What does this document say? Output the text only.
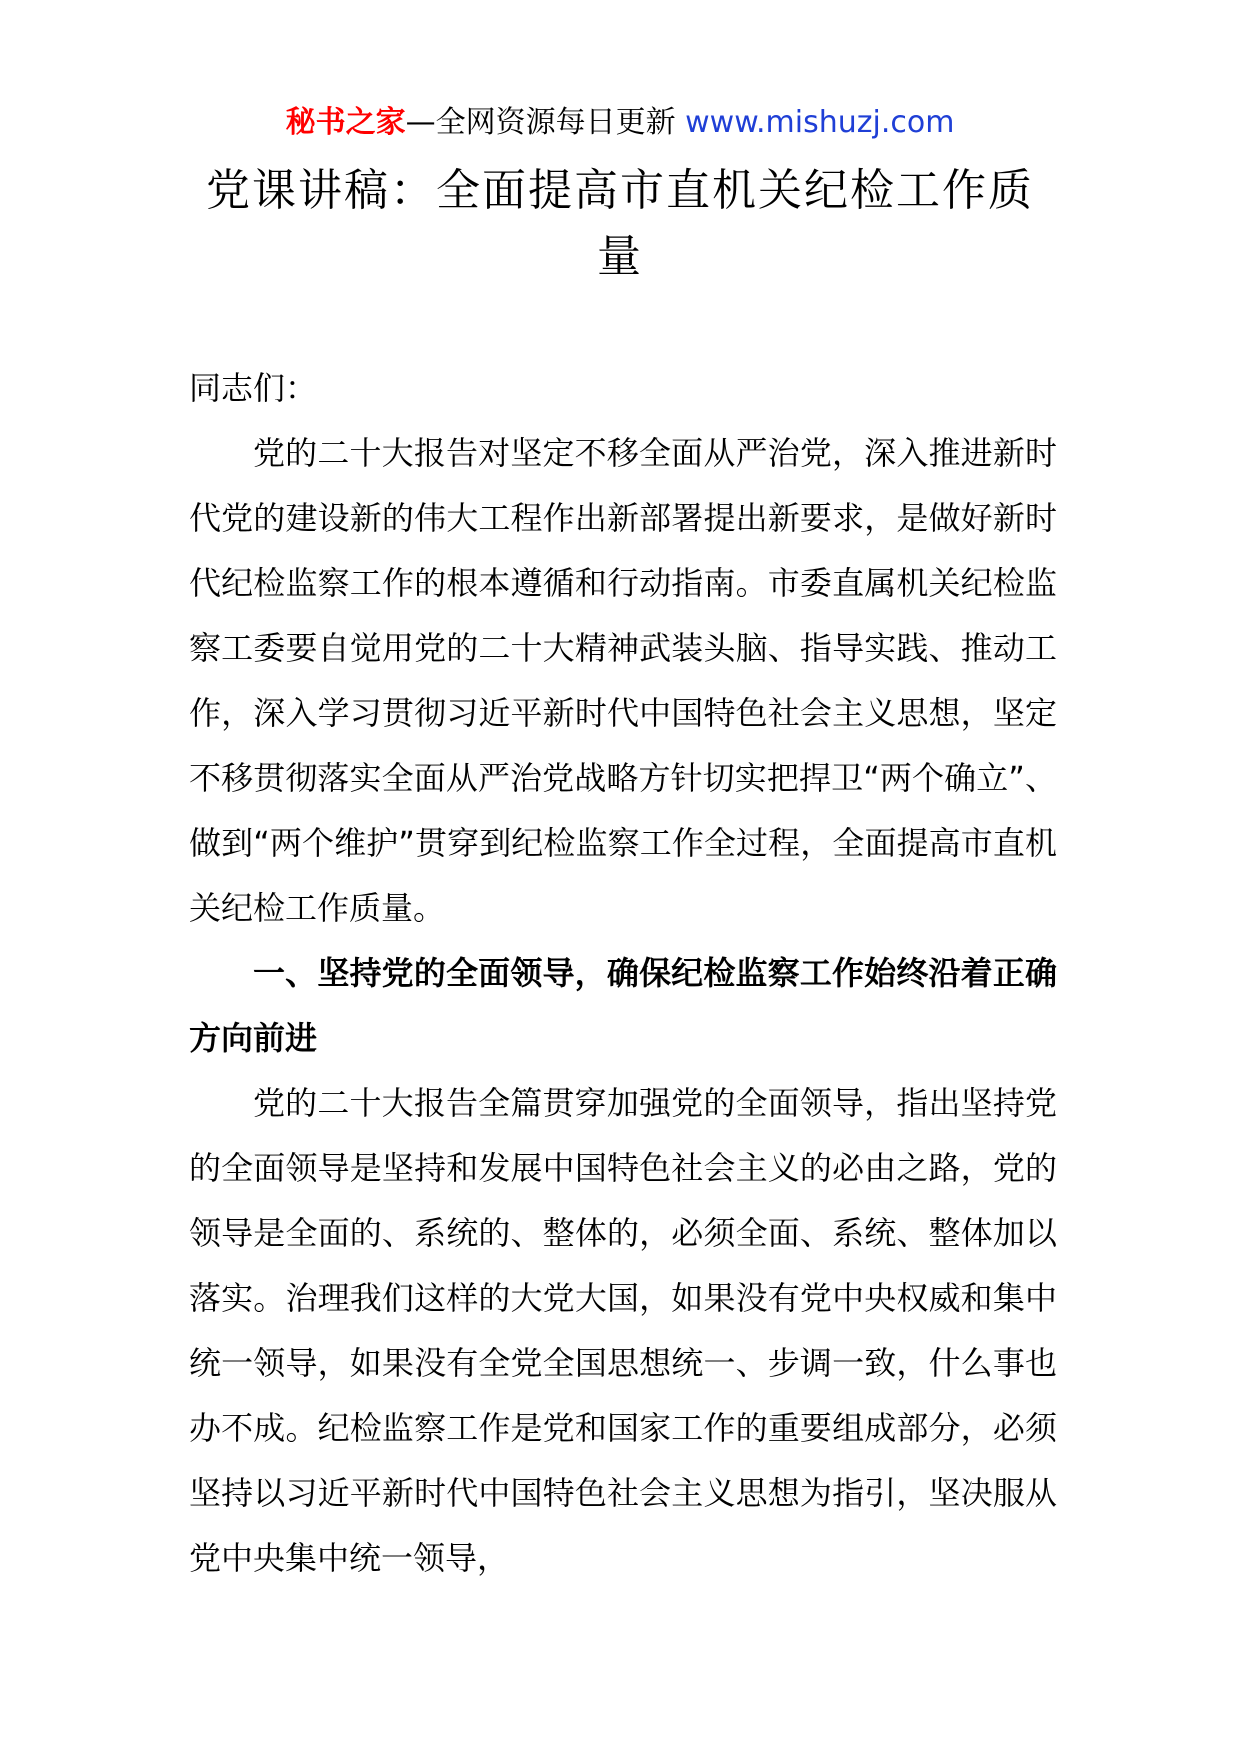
秘书之家—全网资源每日更新 www.mishuzj.com
党课讲稿：全面提高市直机关纪检工作质量

同志们：

党的二十大报告对坚定不移全面从严治党，深入推进新时代党的建设新的伟大工程作出新部署提出新要求，是做好新时代纪检监察工作的根本遵循和行动指南。市委直属机关纪检监察工委要自觉用党的二十大精神武装头脑、指导实践、推动工作，深入学习贯彻习近平新时代中国特色社会主义思想，坚定不移贯彻落实全面从严治党战略方针切实把捍卫“两个确立”、做到“两个维护”贯穿到纪检监察工作全过程，全面提高市直机关纪检工作质量。

一、坚持党的全面领导，确保纪检监察工作始终沿着正确方向前进

党的二十大报告全篇贯穿加强党的全面领导，指出坚持党的全面领导是坚持和发展中国特色社会主义的必由之路，党的领导是全面的、系统的、整体的，必须全面、系统、整体加以落实。治理我们这样的大党大国，如果没有党中央权威和集中统一领导，如果没有全党全国思想统一、步调一致，什么事也办不成。纪检监察工作是党和国家工作的重要组成部分，必须坚持以习近平新时代中国特色社会主义思想为指引，坚决服从党中央集中统一领导，
